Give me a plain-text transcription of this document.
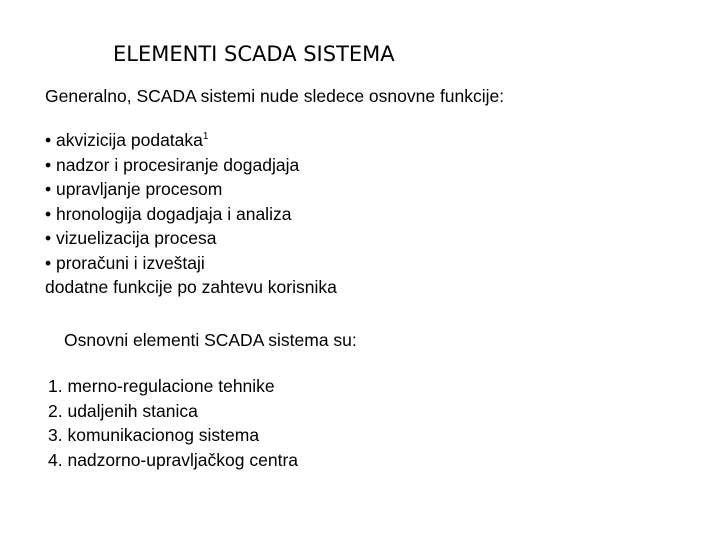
ELEMENTI SCADA SISTEMA
Generalno, SCADA sistemi nude sledece osnovne funkcije:
• akvizicija podataka$^1$
• nadzor i procesiranje dogadjaja
• upravljanje procesom
• hronologija dogadjaja i analiza
• vizuelizacija procesa
• proračuni i izveštaji
dodatne funkcije po zahtevu korisnika
Osnovni elementi SCADA sistema su:
1. merno-regulacione tehnike
2. udaljenih stanica
3. komunikacionog sistema
4. nadzorno-upravljačkog centra
